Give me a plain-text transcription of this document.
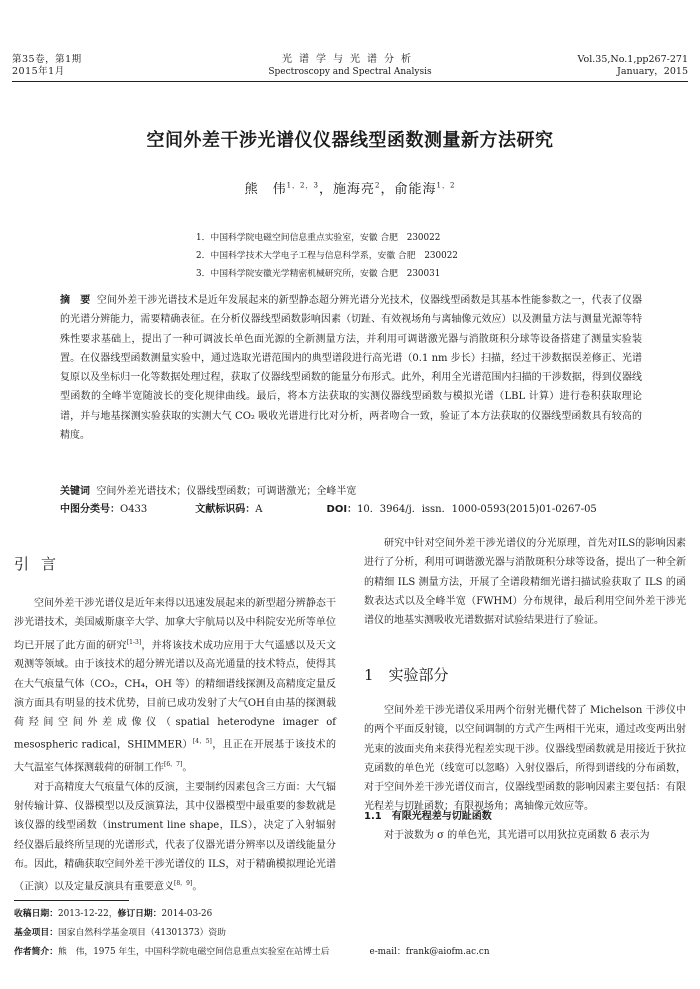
第35卷，第1期
2015年1月
光谱学与光谱分析
Spectroscopy and Spectral Analysis
Vol.35,No.1,pp267-271
January，2015
空间外差干涉光谱仪仪器线型函数测量新方法研究
熊　伟$^{1,2,3}$，施海亮$^2$，俞能海$^{1,2}$
1．中国科学院电磁空间信息重点实验室，安徽 合肥　230022
2．中国科学技术大学电子工程与信息科学系，安徽 合肥　230022
3．中国科学院安徽光学精密机械研究所，安徽 合肥　230031
摘　要 空间外差干涉光谱技术是近年发展起来的新型静态超分辨光谱分光技术，仪器线型函数是其基本性能参数之一，代表了仪器的光谱分辨能力，需要精确表征。在分析仪器线型函数影响因素（切趾、有效视场角与离轴像元效应）以及测量方法与测量光源等特殊性要求基础上，提出了一种可调波长单色面光源的全新测量方法，并利用可调谐激光器与消散斑积分球等设备搭建了测量实验装置。在仪器线型函数测量实验中，通过选取光谱范围内的典型谱段进行高光谱（0.1 nm 步长）扫描，经过干涉数据误差修正、光谱复原以及坐标归一化等数据处理过程，获取了仪器线型函数的能量分布形式。此外，利用全光谱范围内扫描的干涉数据，得到仪器线型函数的全峰半宽随波长的变化规律曲线。最后，将本方法获取的实测仪器线型函数与模拟光谱（LBL 计算）进行卷积获取理论谱，并与地基探测实验获取的实测大气 CO₂ 吸收光谱进行比对分析，两者吻合一致，验证了本方法获取的仪器线型函数具有较高的精度。
关键词 空间外差光谱技术；仪器线型函数；可调谐激光；全峰半宽
中图分类号：O433	文献标识码：A	DOI：10．3964/j．issn．1000-0593(2015)01-0267-05
引言

空间外差干涉光谱仪是近年来得以迅速发展起来的新型超分辨静态干涉光谱技术，美国威斯康辛大学、加拿大宇航局以及中科院安光所等单位均已开展了此方面的研究[1-3]，并将该技术成功应用于大气遥感以及天文观测等领域。由于该技术的超分辨光谱以及高光通量的技术特点，使得其在大气痕量气体（CO₂，CH₄，OH 等）的精细谱线探测及高精度定量反演方面具有明显的技术优势，目前已成功发射了大气OH自由基的探测载荷羟间空间外差成像仪（spatial heterodyne imager of mesospheric radical，SHIMMER）[4，5]，且正在开展基于该技术的大气温室气体探测载荷的研制工作[6，7]。

对于高精度大气痕量气体的反演，主要制约因素包含三方面：大气辐射传输计算、仪器模型以及反演算法，其中仪器模型中最重要的参数就是该仪器的线型函数（instrument line shape，ILS），决定了入射辐射经仪器后最终所呈现的光谱形式，代表了仪器光谱分辨率以及谱线能量分布。因此，精确获取空间外差干涉光谱仪的 ILS，对于精确模拟理论光谱（正演）以及定量反演具有重要意义[8，9]。

研究中针对空间外差干涉光谱仪的分光原理，首先对ILS的影响因素进行了分析，利用可调谐激光器与消散斑积分球等设备，提出了一种全新的精细 ILS 测量方法，开展了全谱段精细光谱扫描试验获取了 ILS 的函数表达式以及全峰半宽（FWHM）分布规律，最后利用空间外差干涉光谱仪的地基实测吸收光谱数据对试验结果进行了验证。
1　实验部分
空间外差干涉光谱仪采用两个衍射光栅代替了 Michelson 干涉仪中的两个平面反射镜，以空间调制的方式产生两相干光束，通过改变两出射光束的波面夹角来获得光程差实现干涉。仪器线型函数就是用接近于狄拉克函数的单色光（线宽可以忽略）入射仪器后，所得到谱线的分布函数，对于空间外差干涉光谱仪而言，仪器线型函数的影响因素主要包括：有限光程差与切趾函数；有限视场角；离轴像元效应等。
1.1　有限光程差与切趾函数
对于波数为 σ 的单色光，其光谱可以用狄拉克函数 δ 表示为
收稿日期：2013-12-22，修订日期：2014-03-26
基金项目：国家自然科学基金项目（41301373）资助
作者简介：熊　伟，1975 年生，中国科学院电磁空间信息重点实验室在站博士后	e-mail：frank@aiofm.ac.cn
